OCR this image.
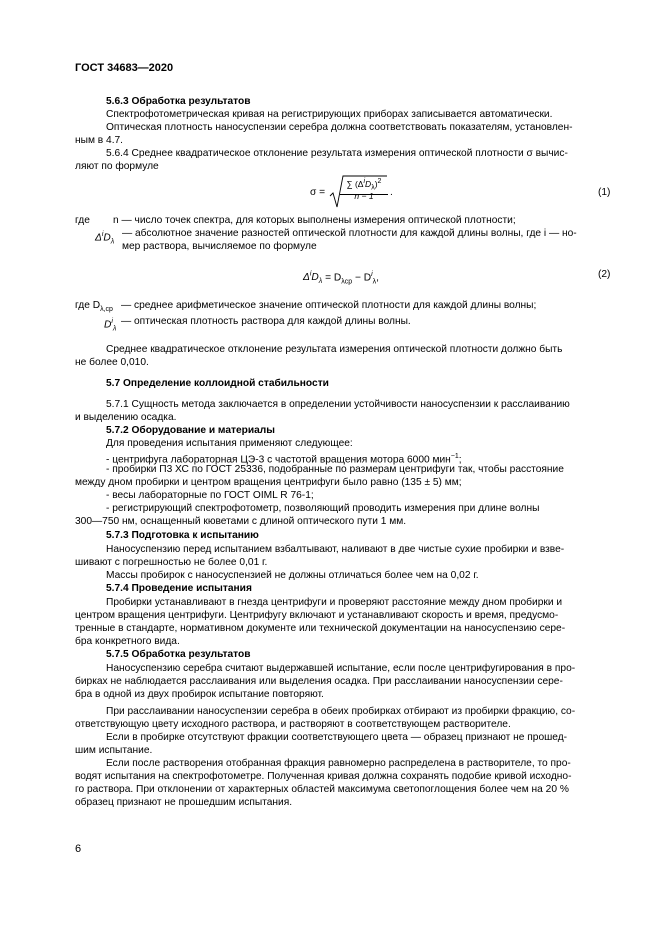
ГОСТ 34683—2020
5.6.3 Обработка результатов
Спектрофотометрическая кривая на регистрирующих приборах записывается автоматически.
Оптическая плотность наносуспензии серебра должна соответствовать показателям, установлен-
ным в 4.7.
5.6.4 Среднее квадратическое отклонение результата измерения оптической плотности σ вычис-
ляют по формуле
σ =
∑ $(\Delta^iD_\lambda)^2$
n − 1	.	(1)
где n — число точек спектра, для которых выполнены измерения оптической плотности;
$\Delta^iD_\lambda$
— абсолютное значение разностей оптической плотности для каждой длины волны, где i — но-
мер раствора, вычисляемое по формуле
$\Delta^iD_\lambda = D_{\lambda cp} - D^i_\lambda$,	(2)
где $D_{\lambda,ср}$ — среднее арифметическое значение оптической плотности для каждой длины волны;
$D^i_\lambda$
— оптическая плотность раствора для каждой длины волны.
Среднее квадратическое отклонение результата измерения оптической плотности должно быть
не более 0,010.
5.7 Определение коллоидной стабильности
5.7.1 Сущность метода заключается в определении устойчивости наносуспензии к расслаиванию
и выделению осадка.
5.7.2 Оборудование и материалы
Для проведения испытания применяют следующее:
- центрифуга лабораторная ЦЭ-3 с частотой вращения мотора 6000 мин$^{-1}$;
- пробирки П3 ХС по ГОСТ 25336, подобранные по размерам центрифуги так, чтобы расстояние
между дном пробирки и центром вращения центрифуги было равно (135 ± 5) мм;
- весы лабораторные по ГОСТ OIML R 76-1;
- регистрирующий спектрофотометр, позволяющий проводить измерения при длине волны
300—750 нм, оснащенный кюветами с длиной оптического пути 1 мм.
5.7.3 Подготовка к испытанию
Наносуспензию перед испытанием взбалтывают, наливают в две чистые сухие пробирки и взве-
шивают с погрешностью не более 0,01 г.
Массы пробирок с наносуспензией не должны отличаться более чем на 0,02 г.
5.7.4 Проведение испытания
Пробирки устанавливают в гнезда центрифуги и проверяют расстояние между дном пробирки и
центром вращения центрифуги. Центрифугу включают и устанавливают скорость и время, предусмо-
тренные в стандарте, нормативном документе или технической документации на наносуспензию сере-
бра конкретного вида.
5.7.5 Обработка результатов
Наносуспензию серебра считают выдержавшей испытание, если после центрифугирования в про-
бирках не наблюдается расслаивания или выделения осадка. При расслаивании наносуспензии сере-
бра в одной из двух пробирок испытание повторяют.
При расслаивании наносуспензии серебра в обеих пробирках отбирают из пробирки фракцию, со-
ответствующую цвету исходного раствора, и растворяют в соответствующем растворителе.
Если в пробирке отсутствуют фракции соответствующего цвета — образец признают не прошед-
шим испытание.
Если после растворения отобранная фракция равномерно распределена в растворителе, то про-
водят испытания на спектрофотометре. Полученная кривая должна сохранять подобие кривой исходно-
го раствора. При отклонении от характерных областей максимума светопоглощения более чем на 20 %
образец признают не прошедшим испытания.
6
